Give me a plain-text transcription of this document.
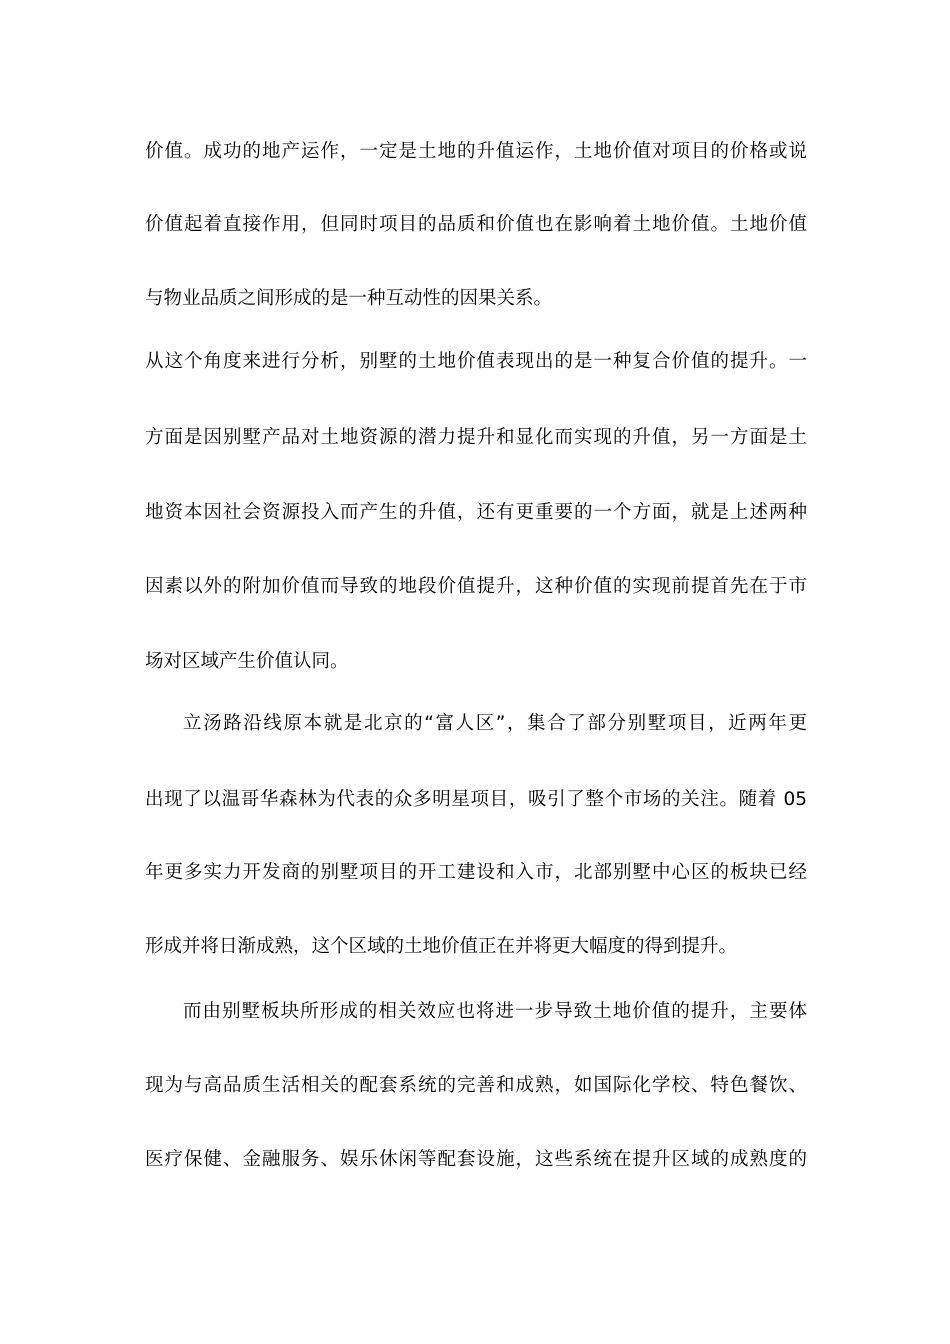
价值。成功的地产运作，一定是土地的升值运作，土地价值对项目的价格或说
价值起着直接作用，但同时项目的品质和价值也在影响着土地价值。土地价值
与物业品质之间形成的是一种互动性的因果关系。
从这个角度来进行分析，别墅的土地价值表现出的是一种复合价值的提升。一
方面是因别墅产品对土地资源的潜力提升和显化而实现的升值，另一方面是土
地资本因社会资源投入而产生的升值，还有更重要的一个方面，就是上述两种
因素以外的附加价值而导致的地段价值提升，这种价值的实现前提首先在于市
场对区域产生价值认同。
立汤路沿线原本就是北京的“富人区”，集合了部分别墅项目，近两年更
出现了以温哥华森林为代表的众多明星项目，吸引了整个市场的关注。随着 05
年更多实力开发商的别墅项目的开工建设和入市，北部别墅中心区的板块已经
形成并将日渐成熟，这个区域的土地价值正在并将更大幅度的得到提升。
而由别墅板块所形成的相关效应也将进一步导致土地价值的提升，主要体
现为与高品质生活相关的配套系统的完善和成熟，如国际化学校、特色餐饮、
医疗保健、金融服务、娱乐休闲等配套设施，这些系统在提升区域的成熟度的
